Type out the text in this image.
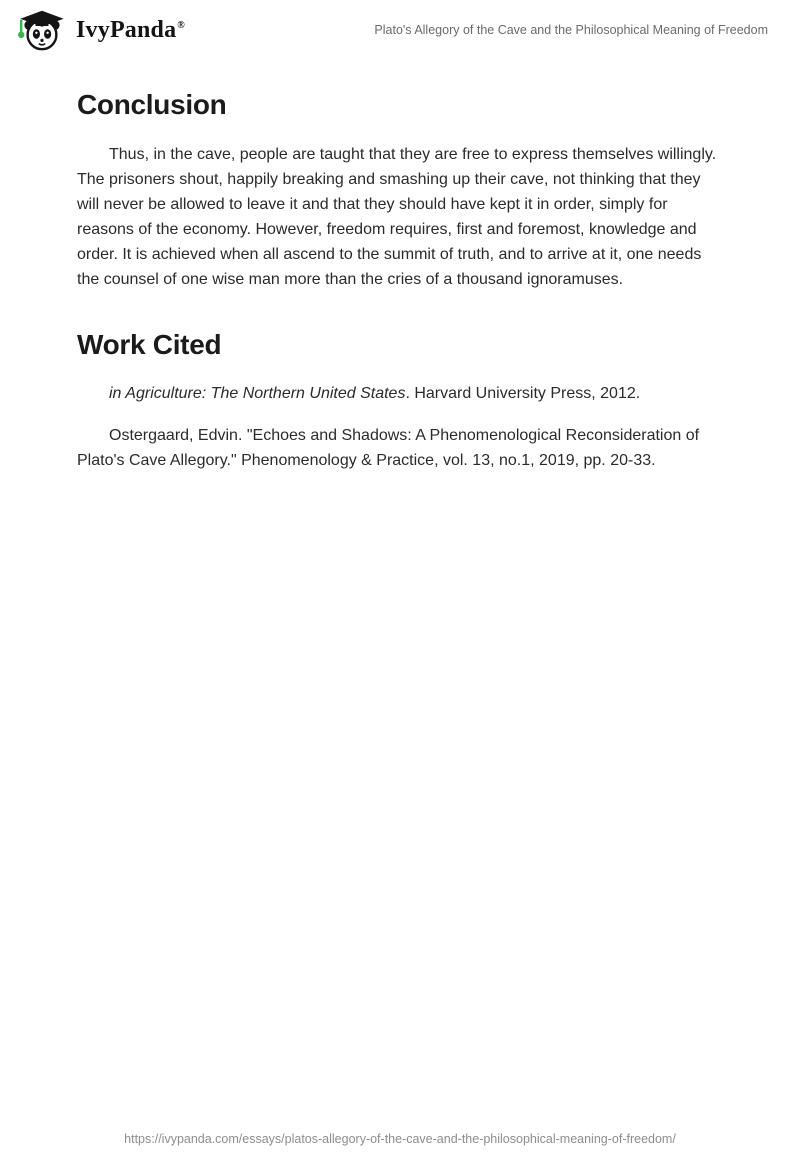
IvyPanda®	Plato's Allegory of the Cave and the Philosophical Meaning of Freedom
Conclusion

Thus, in the cave, people are taught that they are free to express themselves willingly. The prisoners shout, happily breaking and smashing up their cave, not thinking that they will never be allowed to leave it and that they should have kept it in order, simply for reasons of the economy. However, freedom requires, first and foremost, knowledge and order. It is achieved when all ascend to the summit of truth, and to arrive at it, one needs the counsel of one wise man more than the cries of a thousand ignoramuses.

Work Cited

in Agriculture: The Northern United States. Harvard University Press, 2012.

Ostergaard, Edvin. "Echoes and Shadows: A Phenomenological Reconsideration of Plato's Cave Allegory." Phenomenology & Practice, vol. 13, no.1, 2019, pp. 20-33.

https://ivypanda.com/essays/platos-allegory-of-the-cave-and-the-philosophical-meaning-of-freedom/
